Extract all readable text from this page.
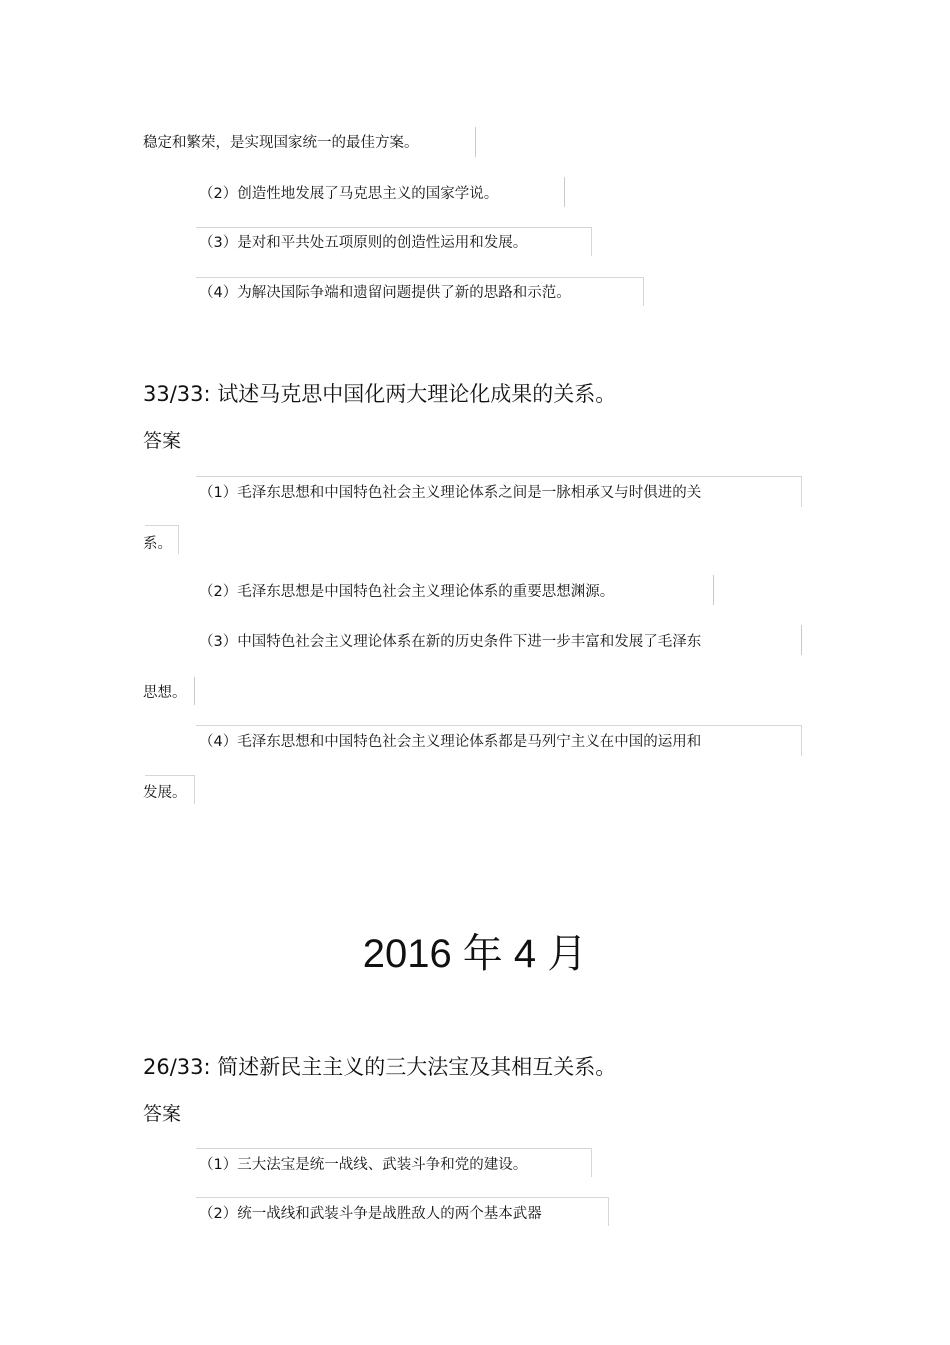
稳定和繁荣，是实现国家统一的最佳方案。
（2）创造性地发展了马克思主义的国家学说。
（3）是对和平共处五项原则的创造性运用和发展。
（4）为解决国际争端和遗留问题提供了新的思路和示范。
33/33: 试述马克思中国化两大理论化成果的关系。
答案
（1）毛泽东思想和中国特色社会主义理论体系之间是一脉相承又与时俱进的关
系。
（2）毛泽东思想是中国特色社会主义理论体系的重要思想渊源。
（3）中国特色社会主义理论体系在新的历史条件下进一步丰富和发展了毛泽东
思想。
（4）毛泽东思想和中国特色社会主义理论体系都是马列宁主义在中国的运用和
发展。
2016 年 4 月
26/33: 简述新民主主义的三大法宝及其相互关系。
答案
（1）三大法宝是统一战线、武装斗争和党的建设。
（2）统一战线和武装斗争是战胜敌人的两个基本武器
